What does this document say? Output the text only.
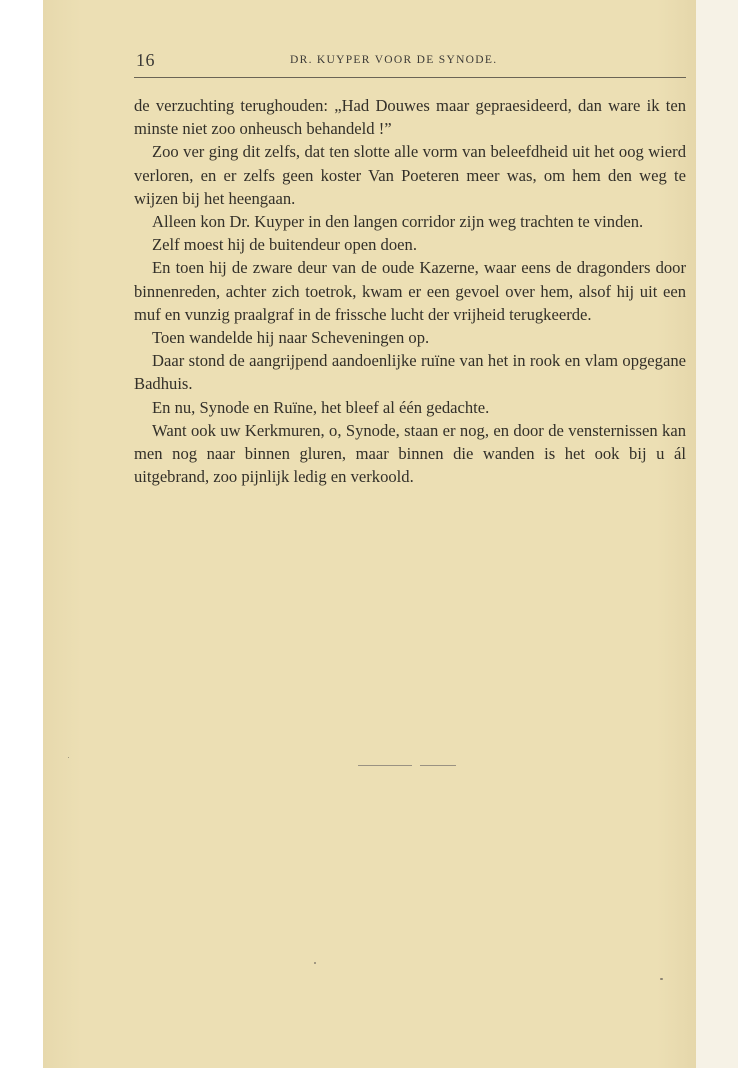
16	DR. KUYPER VOOR DE SYNODE.

de verzuchting terughouden: „Had Douwes maar gepraesideerd, dan ware ik ten minste niet zoo onheusch behandeld !”

Zoo ver ging dit zelfs, dat ten slotte alle vorm van beleefdheid uit het oog wierd verloren, en er zelfs geen koster Van Poeteren meer was, om hem den weg te wijzen bij het heengaan.

Alleen kon Dr. Kuyper in den langen corridor zijn weg trachten te vinden.

Zelf moest hij de buitendeur open doen.

En toen hij de zware deur van de oude Kazerne, waar eens de dragonders door binnenreden, achter zich toetrok, kwam er een gevoel over hem, alsof hij uit een muf en vunzig praalgraf in de frissche lucht der vrijheid terugkeerde.

Toen wandelde hij naar Scheveningen op.

Daar stond de aangrijpend aandoenlijke ruïne van het in rook en vlam opgegane Badhuis.

En nu, Synode en Ruïne, het bleef al één gedachte.

Want ook uw Kerkmuren, o, Synode, staan er nog, en door de vensternissen kan men nog naar binnen gluren, maar binnen die wanden is het ook bij u ál uitgebrand, zoo pijnlijk ledig en verkoold.
